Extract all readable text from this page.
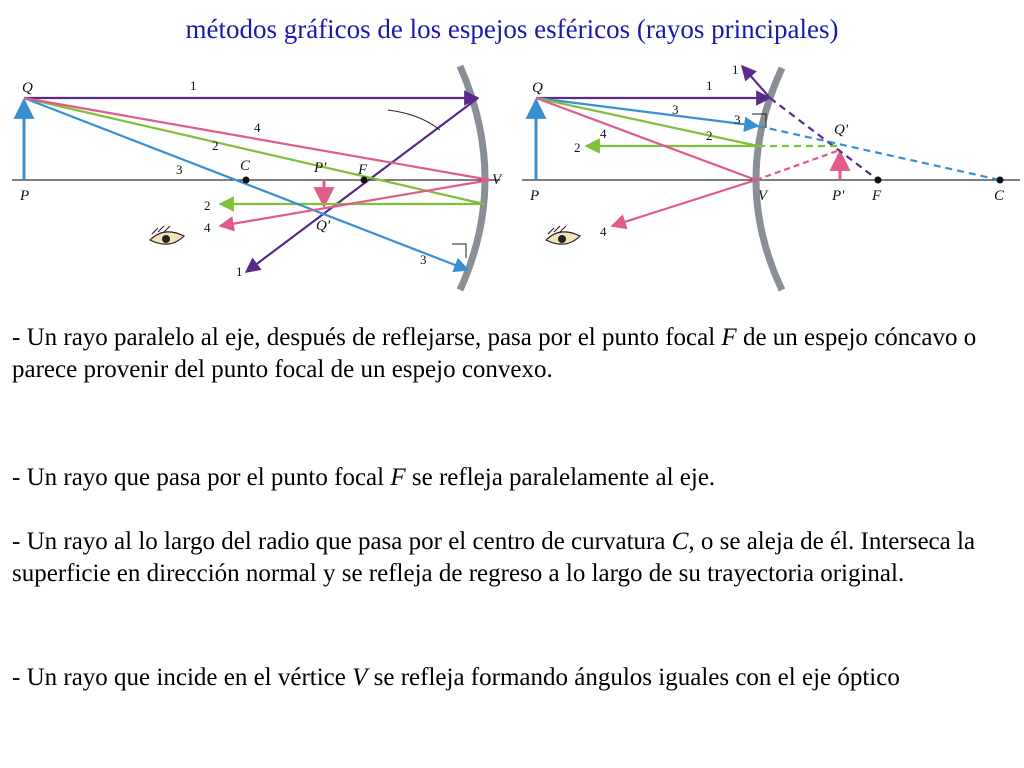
métodos gráficos de los espejos esféricos (rayos principales)
Q
P
C	P' F
V
Q'
1
2
3
4
2
4
1
3
Q
P
Q'
P' F	C
V
1
1
3
3
4
2
2
4

- Un rayo paralelo al eje, después de reflejarse, pasa por el punto focal F de un espejo cóncavo o parece provenir del punto focal de un espejo convexo.

- Un rayo que pasa por el punto focal F se refleja paralelamente al eje.

- Un rayo al lo largo del radio que pasa por el centro de curvatura C, o se aleja de él. Interseca la superficie en dirección normal y se refleja de regreso a lo largo de su trayectoria original.

- Un rayo que incide en el vértice V se refleja formando ángulos iguales con el eje óptico
